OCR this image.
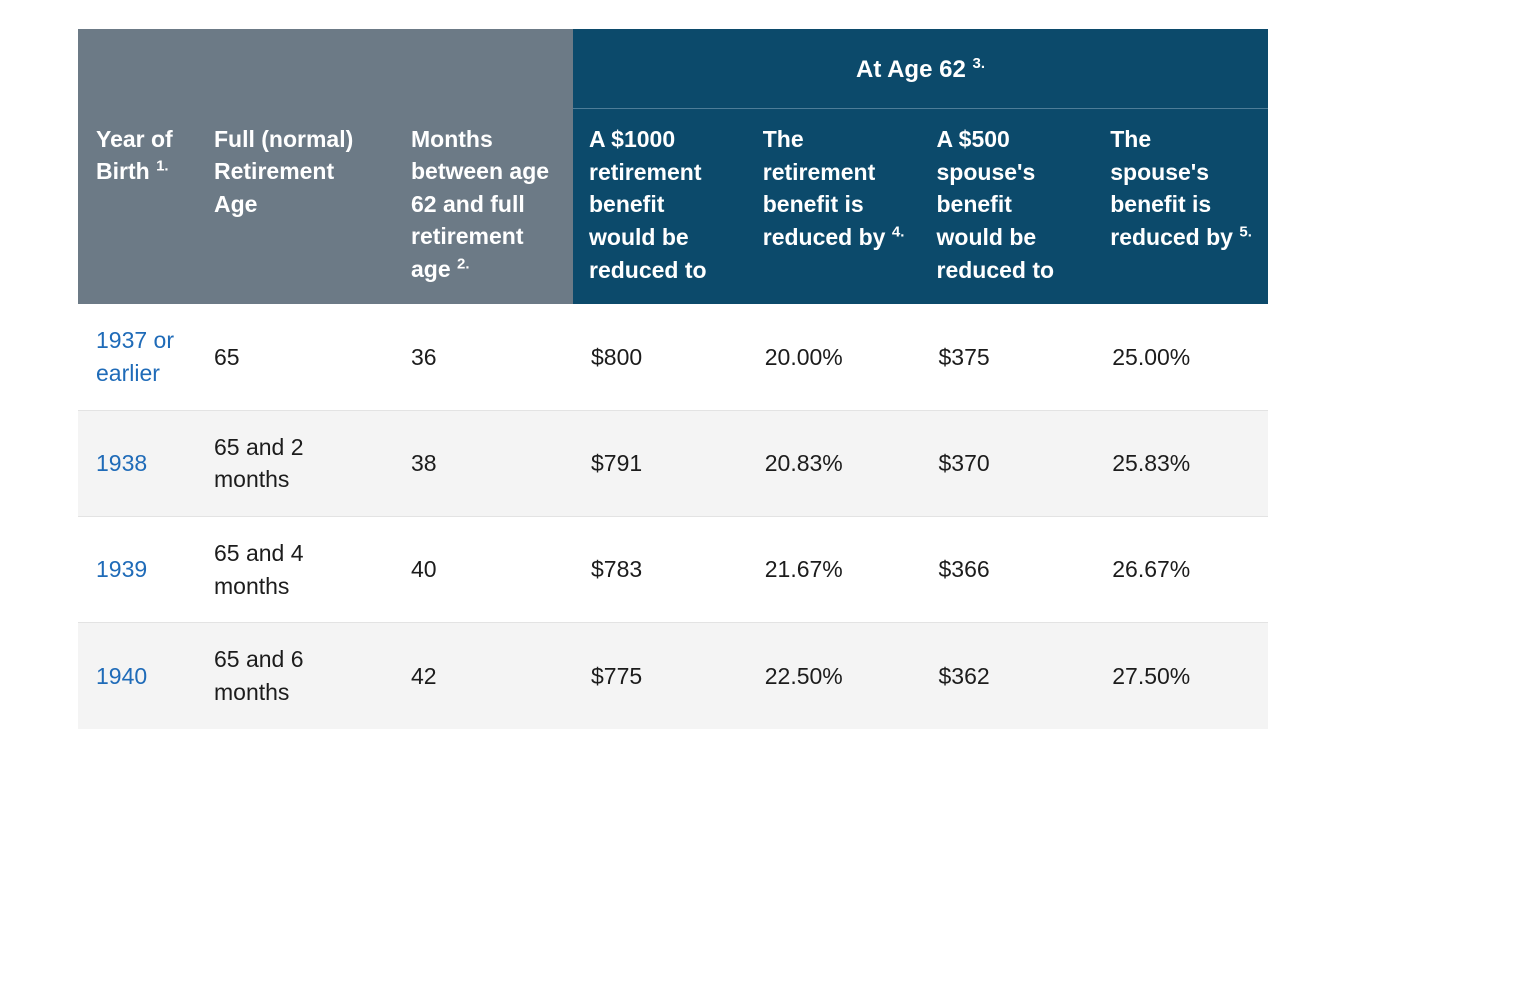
			At Age 62 $^{3.}$
Year of Birth $^{1.}$	Full (normal) Retirement Age	Months between age 62 and full retirement age $^{2.}$	A $1000 retirement benefit would be reduced to	The retirement benefit is reduced by $^{4.}$	A $500 spouse's benefit would be reduced to	The spouse's benefit is reduced by $^{5.}$
1937 or earlier	65	36	$800	20.00%	$375	25.00%
1938	65 and 2 months	38	$791	20.83%	$370	25.83%
1939	65 and 4 months	40	$783	21.67%	$366	26.67%
1940	65 and 6 months	42	$775	22.50%	$362	27.50%
